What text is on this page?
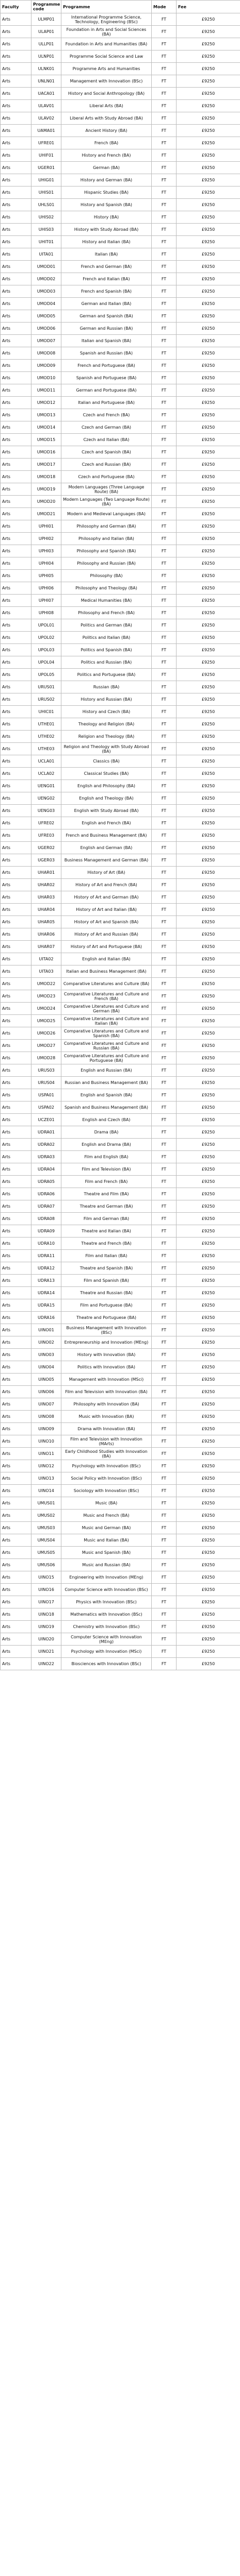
Faculty	Programme code	Programme	Mode	Fee
Arts	ULMP01	International Programme Science, Technology, Engineering (BSc)	FT	£9250
Arts	ULAP01	Foundation in Arts and Social Sciences (BA)	FT	£9250
Arts	ULLP01	Foundation in Arts and Humanities (BA)	FT	£9250
Arts	ULNP01	Programme Social Science and Law	FT	£9250
Arts	ULNK01	Programme Arts and Humanities	FT	£9250
Arts	UNLN01	Management with Innovation (BSc)	FT	£9250
Arts	UACA01	History and Social Anthropology (BA)	FT	£9250
Arts	ULAV01	Liberal Arts (BA)	FT	£9250
Arts	ULAV02	Liberal Arts with Study Abroad (BA)	FT	£9250
Arts	UAMA01	Ancient History (BA)	FT	£9250
Arts	UFRE01	French (BA)	FT	£9250
Arts	UHIF01	History and French (BA)	FT	£9250
Arts	UGER01	German (BA)	FT	£9250
Arts	UHIG01	History and German (BA)	FT	£9250
Arts	UHIS01	Hispanic Studies (BA)	FT	£9250
Arts	UHLS01	History and Spanish (BA)	FT	£9250
Arts	UHIS02	History (BA)	FT	£9250
Arts	UHIS03	History with Study Abroad (BA)	FT	£9250
Arts	UHIT01	History and Italian (BA)	FT	£9250
Arts	UITA01	Italian (BA)	FT	£9250
Arts	UMOD01	French and German (BA)	FT	£9250
Arts	UMOD02	French and Italian (BA)	FT	£9250
Arts	UMOD03	French and Spanish (BA)	FT	£9250
Arts	UMOD04	German and Italian (BA)	FT	£9250
Arts	UMOD05	German and Spanish (BA)	FT	£9250
Arts	UMOD06	German and Russian (BA)	FT	£9250
Arts	UMOD07	Italian and Spanish (BA)	FT	£9250
Arts	UMOD08	Spanish and Russian (BA)	FT	£9250
Arts	UMOD09	French and Portuguese (BA)	FT	£9250
Arts	UMOD10	Spanish and Portuguese (BA)	FT	£9250
Arts	UMOD11	German and Portuguese (BA)	FT	£9250
Arts	UMOD12	Italian and Portuguese (BA)	FT	£9250
Arts	UMOD13	Czech and French (BA)	FT	£9250
Arts	UMOD14	Czech and German (BA)	FT	£9250
Arts	UMOD15	Czech and Italian (BA)	FT	£9250
Arts	UMOD16	Czech and Spanish (BA)	FT	£9250
Arts	UMOD17	Czech and Russian (BA)	FT	£9250
Arts	UMOD18	Czech and Portuguese (BA)	FT	£9250
Arts	UMOD19	Modern Languages (Three Language Route) (BA)	FT	£9250
Arts	UMOD20	Modern Languages (Two Language Route) (BA)	FT	£9250
Arts	UMOD21	Modern and Medieval Languages (BA)	FT	£9250
Arts	UPHI01	Philosophy and German (BA)	FT	£9250
Arts	UPHI02	Philosophy and Italian (BA)	FT	£9250
Arts	UPHI03	Philosophy and Spanish (BA)	FT	£9250
Arts	UPHI04	Philosophy and Russian (BA)	FT	£9250
Arts	UPHI05	Philosophy (BA)	FT	£9250
Arts	UPHI06	Philosophy and Theology (BA)	FT	£9250
Arts	UPHI07	Medical Humanities (BA)	FT	£9250
Arts	UPHI08	Philosophy and French (BA)	FT	£9250
Arts	UPOL01	Politics and German (BA)	FT	£9250
Arts	UPOL02	Politics and Italian (BA)	FT	£9250
Arts	UPOL03	Politics and Spanish (BA)	FT	£9250
Arts	UPOL04	Politics and Russian (BA)	FT	£9250
Arts	UPOL05	Politics and Portuguese (BA)	FT	£9250
Arts	URUS01	Russian (BA)	FT	£9250
Arts	URUS02	History and Russian (BA)	FT	£9250
Arts	UHIC01	History and Czech (BA)	FT	£9250
Arts	UTHE01	Theology and Religion (BA)	FT	£9250
Arts	UTHE02	Religion and Theology (BA)	FT	£9250
Arts	UTHE03	Religion and Theology with Study Abroad (BA)	FT	£9250
Arts	UCLA01	Classics (BA)	FT	£9250
Arts	UCLA02	Classical Studies (BA)	FT	£9250
Arts	UENG01	English and Philosophy (BA)	FT	£9250
Arts	UENG02	English and Theology (BA)	FT	£9250
Arts	UENG03	English with Study Abroad (BA)	FT	£9250
Arts	UFRE02	English and French (BA)	FT	£9250
Arts	UFRE03	French and Business Management (BA)	FT	£9250
Arts	UGER02	English and German (BA)	FT	£9250
Arts	UGER03	Business Management and German (BA)	FT	£9250
Arts	UHAR01	History of Art (BA)	FT	£9250
Arts	UHAR02	History of Art and French (BA)	FT	£9250
Arts	UHAR03	History of Art and German (BA)	FT	£9250
Arts	UHAR04	History of Art and Italian (BA)	FT	£9250
Arts	UHAR05	History of Art and Spanish (BA)	FT	£9250
Arts	UHAR06	History of Art and Russian (BA)	FT	£9250
Arts	UHAR07	History of Art and Portuguese (BA)	FT	£9250
Arts	UITA02	English and Italian (BA)	FT	£9250
Arts	UITA03	Italian and Business Management (BA)	FT	£9250
Arts	UMOD22	Comparative Literatures and Culture (BA)	FT	£9250
Arts	UMOD23	Comparative Literatures and Culture and French (BA)	FT	£9250
Arts	UMOD24	Comparative Literatures and Culture and German (BA)	FT	£9250
Arts	UMOD25	Comparative Literatures and Culture and Italian (BA)	FT	£9250
Arts	UMOD26	Comparative Literatures and Culture and Spanish (BA)	FT	£9250
Arts	UMOD27	Comparative Literatures and Culture and Russian (BA)	FT	£9250
Arts	UMOD28	Comparative Literatures and Culture and Portuguese (BA)	FT	£9250
Arts	URUS03	English and Russian (BA)	FT	£9250
Arts	URUS04	Russian and Business Management (BA)	FT	£9250
Arts	USPA01	English and Spanish (BA)	FT	£9250
Arts	USPA02	Spanish and Business Management (BA)	FT	£9250
Arts	UCZE01	English and Czech (BA)	FT	£9250
Arts	UDRA01	Drama (BA)	FT	£9250
Arts	UDRA02	English and Drama (BA)	FT	£9250
Arts	UDRA03	Film and English (BA)	FT	£9250
Arts	UDRA04	Film and Television (BA)	FT	£9250
Arts	UDRA05	Film and French (BA)	FT	£9250
Arts	UDRA06	Theatre and Film (BA)	FT	£9250
Arts	UDRA07	Theatre and German (BA)	FT	£9250
Arts	UDRA08	Film and German (BA)	FT	£9250
Arts	UDRA09	Theatre and Italian (BA)	FT	£9250
Arts	UDRA10	Theatre and French (BA)	FT	£9250
Arts	UDRA11	Film and Italian (BA)	FT	£9250
Arts	UDRA12	Theatre and Spanish (BA)	FT	£9250
Arts	UDRA13	Film and Spanish (BA)	FT	£9250
Arts	UDRA14	Theatre and Russian (BA)	FT	£9250
Arts	UDRA15	Film and Portuguese (BA)	FT	£9250
Arts	UDRA16	Theatre and Portuguese (BA)	FT	£9250
Arts	UINO01	Business Management with Innovation (BSc)	FT	£9250
Arts	UINO02	Entrepreneurship and Innovation (MEng)	FT	£9250
Arts	UINO03	History with Innovation (BA)	FT	£9250
Arts	UINO04	Politics with Innovation (BA)	FT	£9250
Arts	UINO05	Management with Innovation (MSci)	FT	£9250
Arts	UINO06	Film and Television with Innovation (BA)	FT	£9250
Arts	UINO07	Philosophy with Innovation (BA)	FT	£9250
Arts	UINO08	Music with Innovation (BA)	FT	£9250
Arts	UINO09	Drama with Innovation (BA)	FT	£9250
Arts	UINO10	Film and Television with Innovation (MArts)	FT	£9250
Arts	UINO11	Early Childhood Studies with Innovation (BA)	FT	£9250
Arts	UINO12	Psychology with Innovation (BSc)	FT	£9250
Arts	UINO13	Social Policy with Innovation (BSc)	FT	£9250
Arts	UINO14	Sociology with Innovation (BSc)	FT	£9250
Arts	UMUS01	Music (BA)	FT	£9250
Arts	UMUS02	Music and French (BA)	FT	£9250
Arts	UMUS03	Music and German (BA)	FT	£9250
Arts	UMUS04	Music and Italian (BA)	FT	£9250
Arts	UMUS05	Music and Spanish (BA)	FT	£9250
Arts	UMUS06	Music and Russian (BA)	FT	£9250
Arts	UINO15	Engineering with Innovation (MEng)	FT	£9250
Arts	UINO16	Computer Science with Innovation (BSc)	FT	£9250
Arts	UINO17	Physics with Innovation (BSc)	FT	£9250
Arts	UINO18	Mathematics with Innovation (BSc)	FT	£9250
Arts	UINO19	Chemistry with Innovation (BSc)	FT	£9250
Arts	UINO20	Computer Science with Innovation (MEng)	FT	£9250
Arts	UINO21	Psychology with Innovation (MSci)	FT	£9250
Arts	UINO22	Biosciences with Innovation (BSc)	FT	£9250
